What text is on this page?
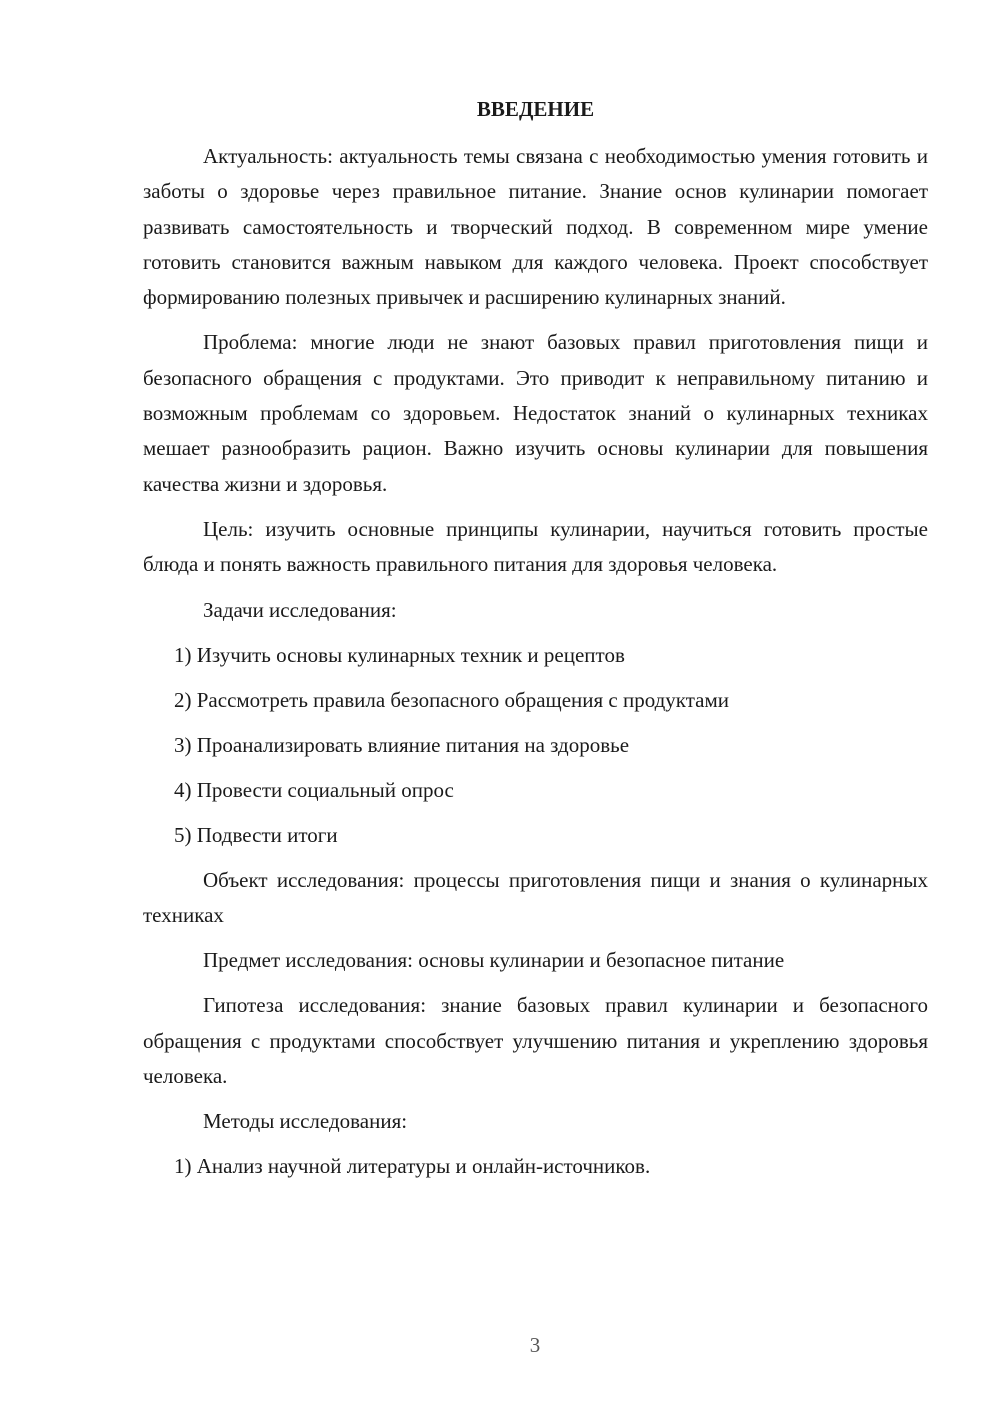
ВВЕДЕНИЕ

Актуальность: актуальность темы связана с необходимостью умения готовить и заботы о здоровье через правильное питание. Знание основ кулинарии помогает развивать самостоятельность и творческий подход. В современном мире умение готовить становится важным навыком для каждого человека. Проект способствует формированию полезных привычек и расширению кулинарных знаний.

Проблема: многие люди не знают базовых правил приготовления пищи и безопасного обращения с продуктами. Это приводит к неправильному питанию и возможным проблемам со здоровьем. Недостаток знаний о кулинарных техниках мешает разнообразить рацион. Важно изучить основы кулинарии для повышения качества жизни и здоровья.

Цель: изучить основные принципы кулинарии, научиться готовить простые блюда и понять важность правильного питания для здоровья человека.

Задачи исследования:

1) Изучить основы кулинарных техник и рецептов
2) Рассмотреть правила безопасного обращения с продуктами
3) Проанализировать влияние питания на здоровье
4) Провести социальный опрос
5) Подвести итоги

Объект исследования: процессы приготовления пищи и знания о кулинарных техниках

Предмет исследования: основы кулинарии и безопасное питание

Гипотеза исследования: знание базовых правил кулинарии и безопасного обращения с продуктами способствует улучшению питания и укреплению здоровья человека.

Методы исследования:

1) Анализ научной литературы и онлайн-источников.
3
